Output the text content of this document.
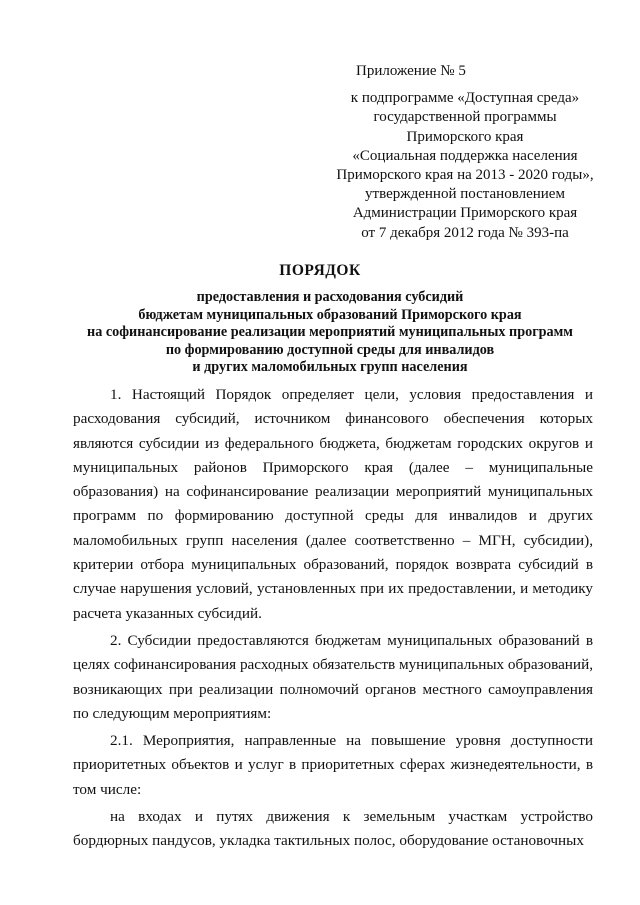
Приложение № 5
к подпрограмме «Доступная среда»
государственной программы
Приморского края
«Социальная поддержка населения
Приморского края на 2013 - 2020 годы»,
утвержденной постановлением
Администрации Приморского края
от 7 декабря 2012 года № 393-па
ПОРЯДОК
предоставления и расходования субсидий
бюджетам муниципальных образований Приморского края
на софинансирование реализации мероприятий муниципальных программ
по формированию доступной среды для инвалидов
и других маломобильных групп населения

1. Настоящий Порядок определяет цели, условия предоставления и расходования субсидий, источником финансового обеспечения которых являются субсидии из федерального бюджета, бюджетам городских округов и муниципальных районов Приморского края (далее – муниципальные образования) на софинансирование реализации мероприятий муниципальных программ по формированию доступной среды для инвалидов и других маломобильных групп населения (далее соответственно – МГН, субсидии), критерии отбора муниципальных образований, порядок возврата субсидий в случае нарушения условий, установленных при их предоставлении, и методику расчета указанных субсидий.

2. Субсидии предоставляются бюджетам муниципальных образований в целях софинансирования расходных обязательств муниципальных образований, возникающих при реализации полномочий органов местного самоуправления по следующим мероприятиям:

2.1. Мероприятия, направленные на повышение уровня доступности приоритетных объектов и услуг в приоритетных сферах жизнедеятельности, в том числе:

на входах и путях движения к земельным участкам устройство бордюрных пандусов, укладка тактильных полос, оборудование остановочных
